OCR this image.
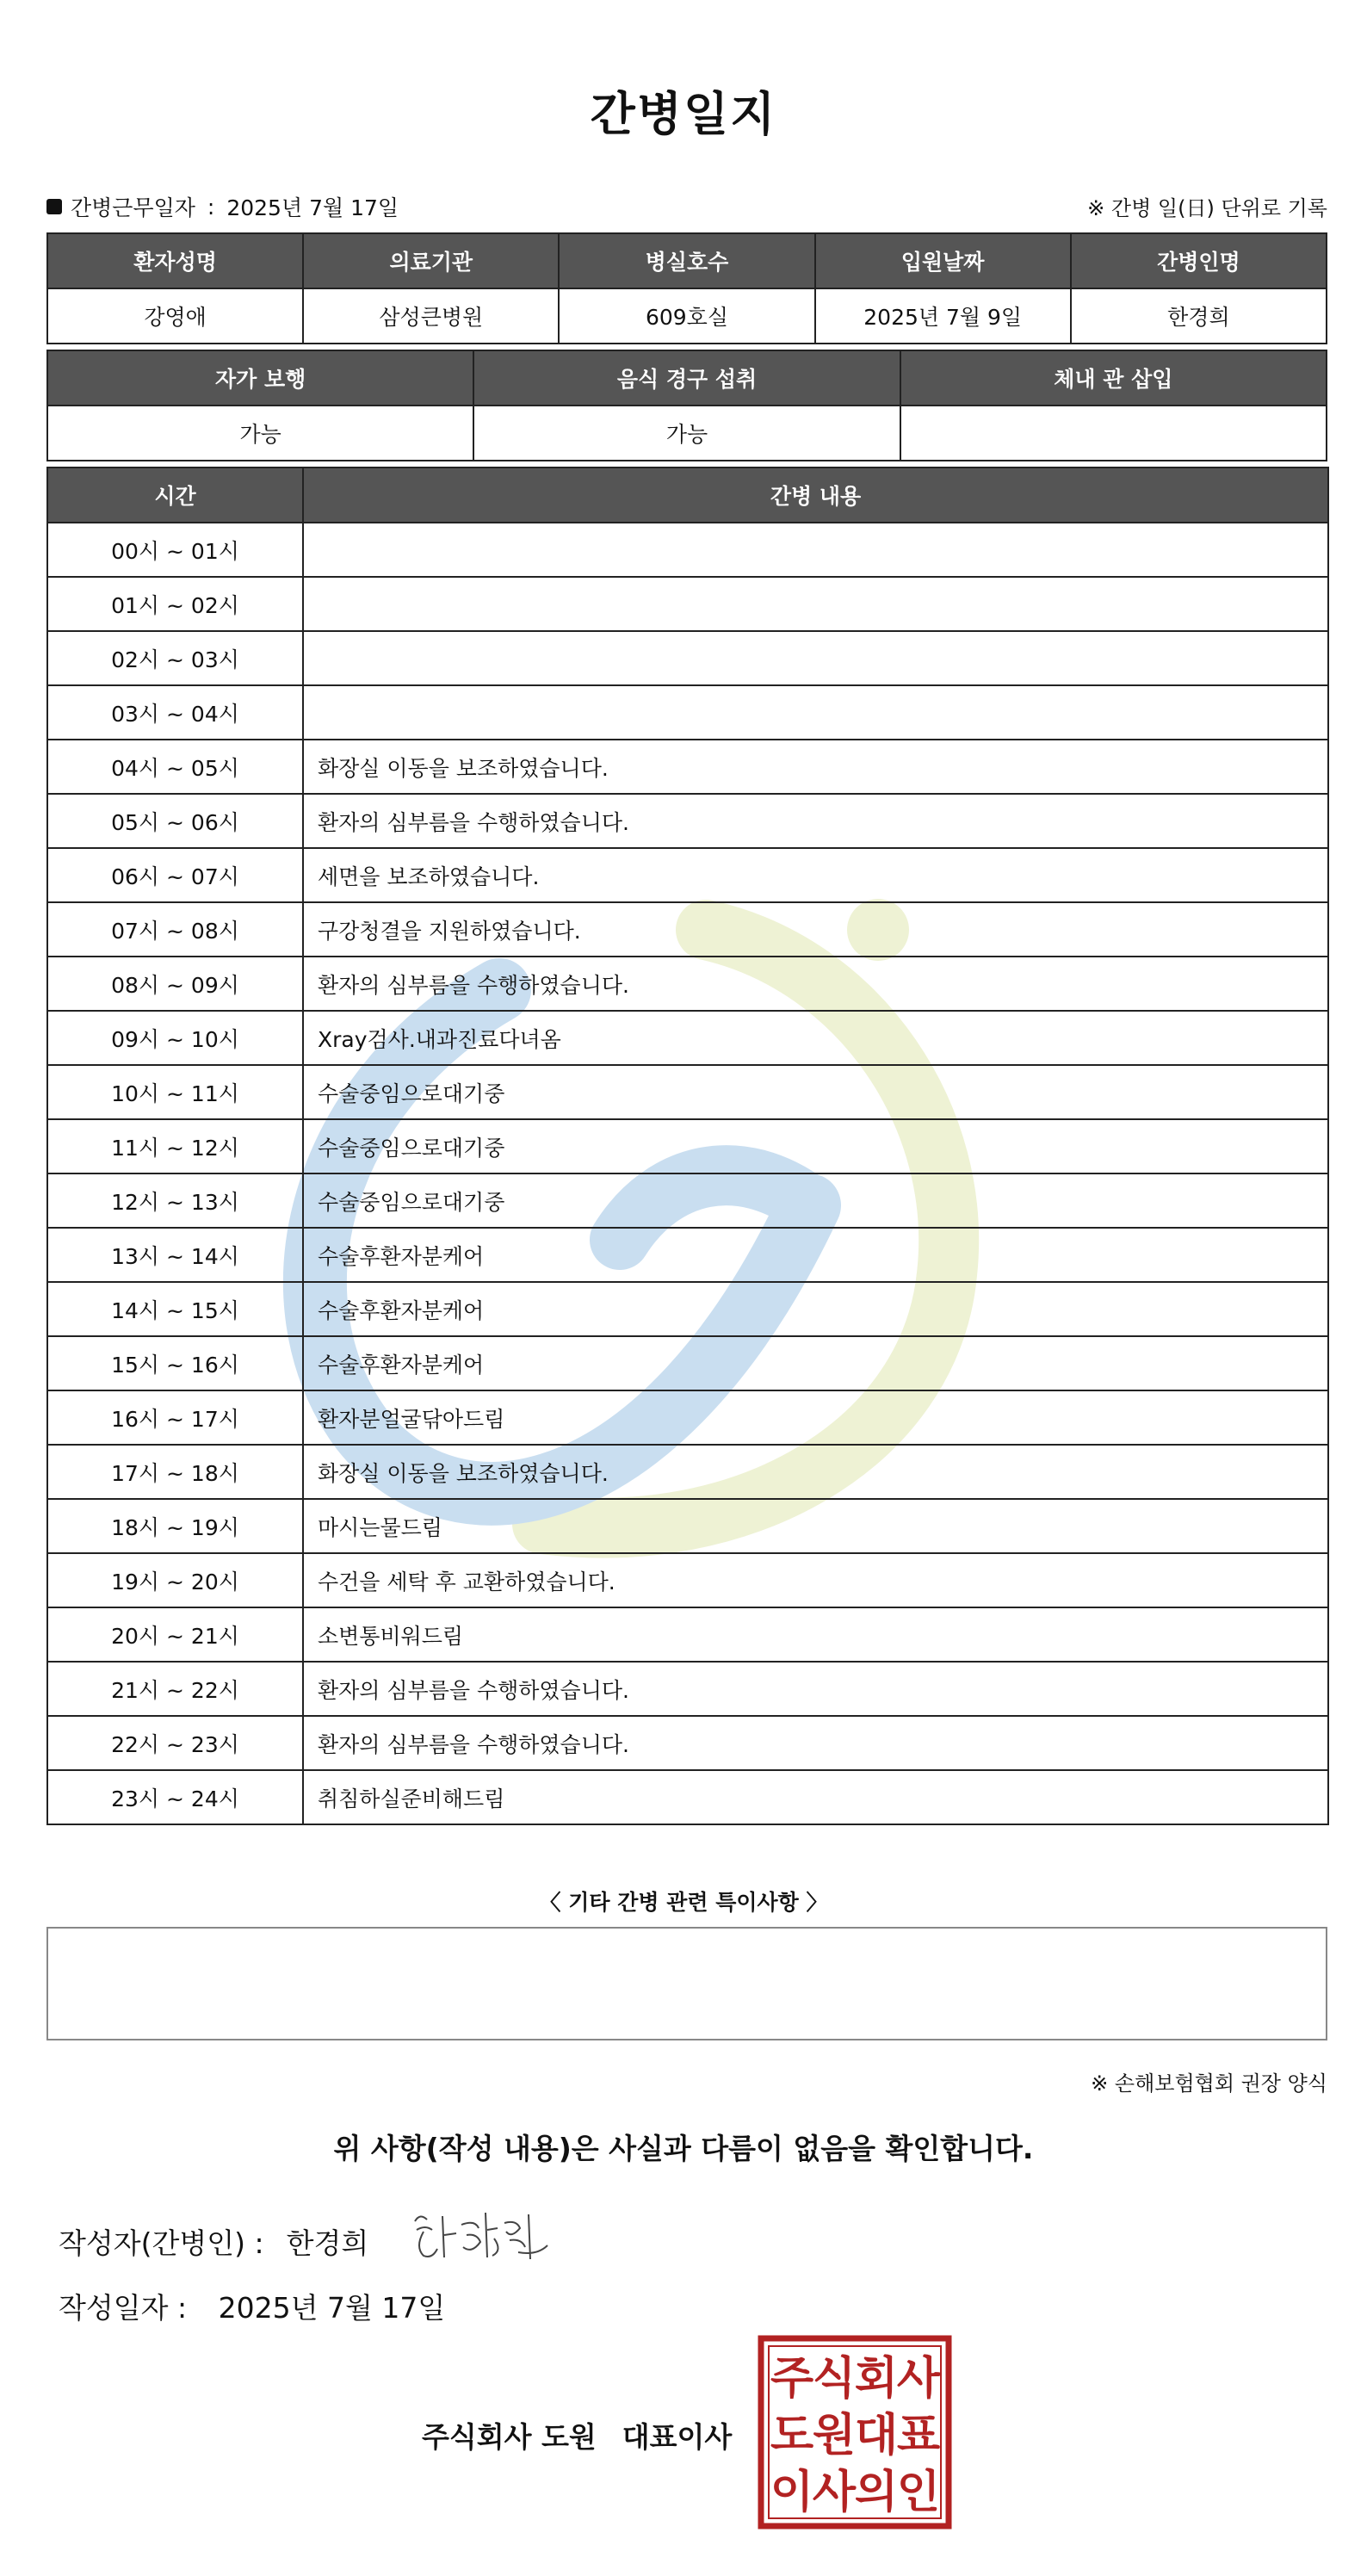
간병일지
간병근무일자 : 2025년 7월 17일	※ 간병 일(日) 단위로 기록
환자성명	의료기관	병실호수	입원날짜	간병인명
강영애	삼성큰병원	609호실	2025년 7월 9일	한경희
자가 보행	음식 경구 섭취	체내 관 삽입
가능	가능	
시간	간병 내용
00시 ~ 01시	
01시 ~ 02시	
02시 ~ 03시	
03시 ~ 04시	
04시 ~ 05시	화장실 이동을 보조하였습니다.
05시 ~ 06시	환자의 심부름을 수행하였습니다.
06시 ~ 07시	세면을 보조하였습니다.
07시 ~ 08시	구강청결을 지원하였습니다.
08시 ~ 09시	환자의 심부름을 수행하였습니다.
09시 ~ 10시	Xray검사.내과진료다녀옴
10시 ~ 11시	수술중임으로대기중
11시 ~ 12시	수술중임으로대기중
12시 ~ 13시	수술중임으로대기중
13시 ~ 14시	수술후환자분케어
14시 ~ 15시	수술후환자분케어
15시 ~ 16시	수술후환자분케어
16시 ~ 17시	환자분얼굴닦아드림
17시 ~ 18시	화장실 이동을 보조하였습니다.
18시 ~ 19시	마시는물드림
19시 ~ 20시	수건을 세탁 후 교환하였습니다.
20시 ~ 21시	소변통비워드림
21시 ~ 22시	환자의 심부름을 수행하였습니다.
22시 ~ 23시	환자의 심부름을 수행하였습니다.
23시 ~ 24시	취침하실준비해드림
〈 기타 간병 관련 특이사항 〉
※ 손해보험협회 권장 양식
위 사항(작성 내용)은 사실과 다름이 없음을 확인합니다.
작성자(간병인) : 한경희
작성일자 : 2025년 7월 17일
주식회사 도원 대표이사
주
식
회
사
도
원
대
표
이
사
의
인
